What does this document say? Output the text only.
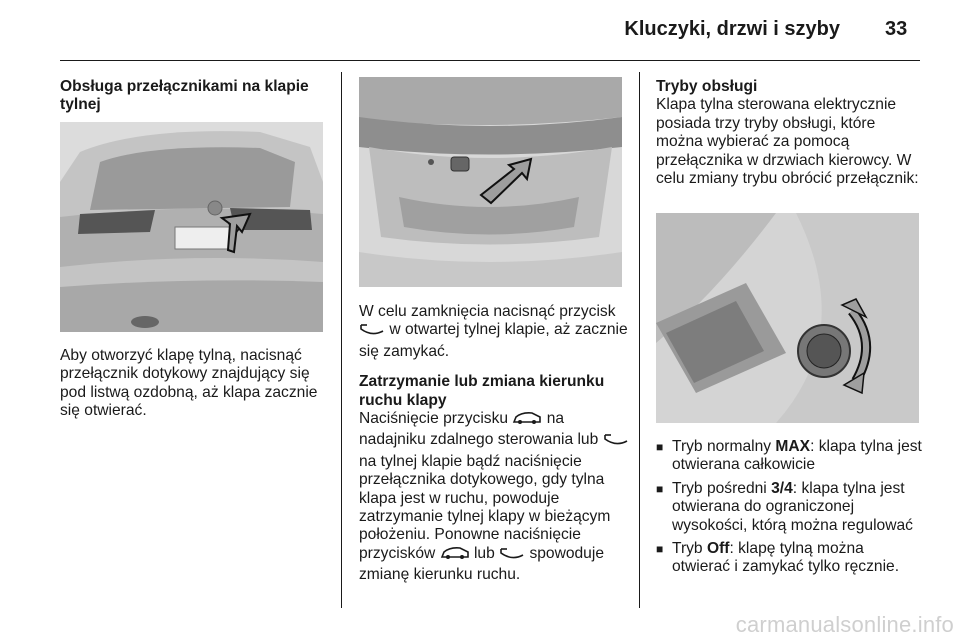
Kluczyki, drzwi i szyby 33

Obsługa przełącznikami na klapie tylnej

Aby otworzyć klapę tylną, nacisnąć przełącznik dotykowy znajdujący się pod listwą ozdobną, aż klapa zacznie się otwierać.

W celu zamknięcia nacisnąć przycisk  w otwartej tylnej klapie, aż zacznie się zamykać.

Zatrzymanie lub zmiana kierunku ruchu klapy

Naciśnięcie przycisku na nadajniku zdalnego sterowania lub  na tylnej klapie bądź naciśnięcie przełącznika dotykowego, gdy tylna klapa jest w ruchu, powoduje zatrzymanie tylnej klapy w bieżącym położeniu. Ponowne naciśnięcie przycisków lub spowoduje zmianę kierunku ruchu.

Tryby obsługi

Klapa tylna sterowana elektrycznie posiada trzy tryby obsługi, które można wybierać za pomocą przełącznika w drzwiach kierowcy. W celu zmiany trybu obrócić przełącznik:

■ Tryb normalny MAX: klapa tylna jest otwierana całkowicie
■ Tryb pośredni 3/4: klapa tylna jest otwierana do ograniczonej wysokości, którą można regulować
■ Tryb Off: klapę tylną można otwierać i zamykać tylko ręcznie.
carmanualsonline.info
